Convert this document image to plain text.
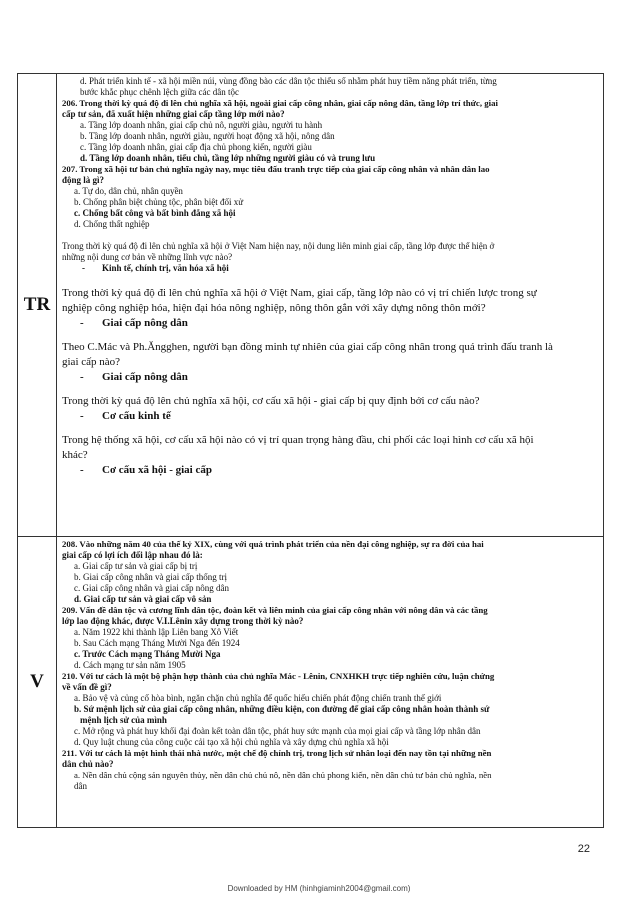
TR
d. Phát triển kinh tế - xã hội miền núi, vùng đồng bào các dân tộc thiểu số nhằm phát huy tiềm năng phát triển, từng
bước khắc phục chênh lệch giữa các dân tộc
206. Trong thời kỳ quá độ đi lên chủ nghĩa xã hội, ngoài giai cấp công nhân, giai cấp nông dân, tầng lớp trí thức, giai
cấp tư sản, đã xuất hiện những giai cấp tầng lớp mới nào?
a. Tầng lớp doanh nhân, giai cấp chủ nô, người giàu, người tu hành
b. Tầng lớp doanh nhân, người giàu, người hoạt động xã hội, nông dân
c. Tầng lớp doanh nhân, giai cấp địa chủ phong kiến, người giàu
d. Tầng lớp doanh nhân, tiểu chủ, tầng lớp những người giàu có và trung lưu
207. Trong xã hội tư bản chủ nghĩa ngày nay, mục tiêu đấu tranh trực tiếp của giai cấp công nhân và nhân dân lao
động là gì?
a. Tự do, dân chủ, nhân quyền
b. Chống phân biệt chủng tộc, phân biệt đối xử
c. Chống bất công và bất bình đẳng xã hội
d. Chống thất nghiệp
Trong thời kỳ quá độ đi lên chủ nghĩa xã hội ở Việt Nam hiện nay, nội dung liên minh giai cấp, tầng lớp được thể hiện ở
những nội dung cơ bản về những lĩnh vực nào?
- Kinh tế, chính trị, văn hóa xã hội
Trong thời kỳ quá độ đi lên chủ nghĩa xã hội ở Việt Nam, giai cấp, tầng lớp nào có vị trí chiến lược trong sự
nghiệp công nghiệp hóa, hiện đại hóa nông nghiệp, nông thôn gắn với xây dựng nông thôn mới?
- Giai cấp nông dân
Theo C.Mác và Ph.Ăngghen, người bạn đồng minh tự nhiên của giai cấp công nhân trong quá trình đấu tranh là
giai cấp nào?
- Giai cấp nông dân
Trong thời kỳ quá độ lên chủ nghĩa xã hội, cơ cấu xã hội - giai cấp bị quy định bởi cơ cấu nào?
- Cơ cấu kinh tế
Trong hệ thống xã hội, cơ cấu xã hội nào có vị trí quan trọng hàng đầu, chi phối các loại hình cơ cấu xã hội
khác?
- Cơ cấu xã hội - giai cấp
V
208. Vào những năm 40 của thế kỷ XIX, cùng với quá trình phát triển của nền đại công nghiệp, sự ra đời của hai
giai cấp có lợi ích đối lập nhau đó là:
a. Giai cấp tư sản và giai cấp bị trị
b. Giai cấp công nhân và giai cấp thống trị
c. Giai cấp công nhân và giai cấp nông dân
d. Giai cấp tư sản và giai cấp vô sản
209. Vấn đề dân tộc và cương lĩnh dân tộc, đoàn kết và liên minh của giai cấp công nhân với nông dân và các tầng
lớp lao động khác, được V.I.Lênin xây dựng trong thời kỳ nào?
a. Năm 1922 khi thành lập Liên bang Xô Viết
b. Sau Cách mạng Tháng Mười Nga đến 1924
c. Trước Cách mạng Tháng Mười Nga
d. Cách mạng tư sản năm 1905
210. Với tư cách là một bộ phận hợp thành của chủ nghĩa Mác - Lênin, CNXHKH trực tiếp nghiên cứu, luận chứng
về vấn đề gì?
a. Bảo vệ và củng cố hòa bình, ngăn chặn chủ nghĩa đế quốc hiếu chiến phát động chiến tranh thế giới
b. Sứ mệnh lịch sử của giai cấp công nhân, những điều kiện, con đường để giai cấp công nhân hoàn thành sứ
mệnh lịch sử của mình
c. Mở rộng và phát huy khối đại đoàn kết toàn dân tộc, phát huy sức mạnh của mọi giai cấp và tầng lớp nhân dân
d. Quy luật chung của công cuộc cải tạo xã hội chủ nghĩa và xây dựng chủ nghĩa xã hội
211. Với tư cách là một hình thái nhà nước, một chế độ chính trị, trong lịch sử nhân loại đến nay tồn tại những nền
dân chủ nào?
a. Nền dân chủ cộng sản nguyên thủy, nền dân chủ chủ nô, nền dân chủ phong kiến, nền dân chủ tư bản chủ nghĩa, nền
dân
22
Downloaded by HM (hinhgiaminh2004@gmail.com)
